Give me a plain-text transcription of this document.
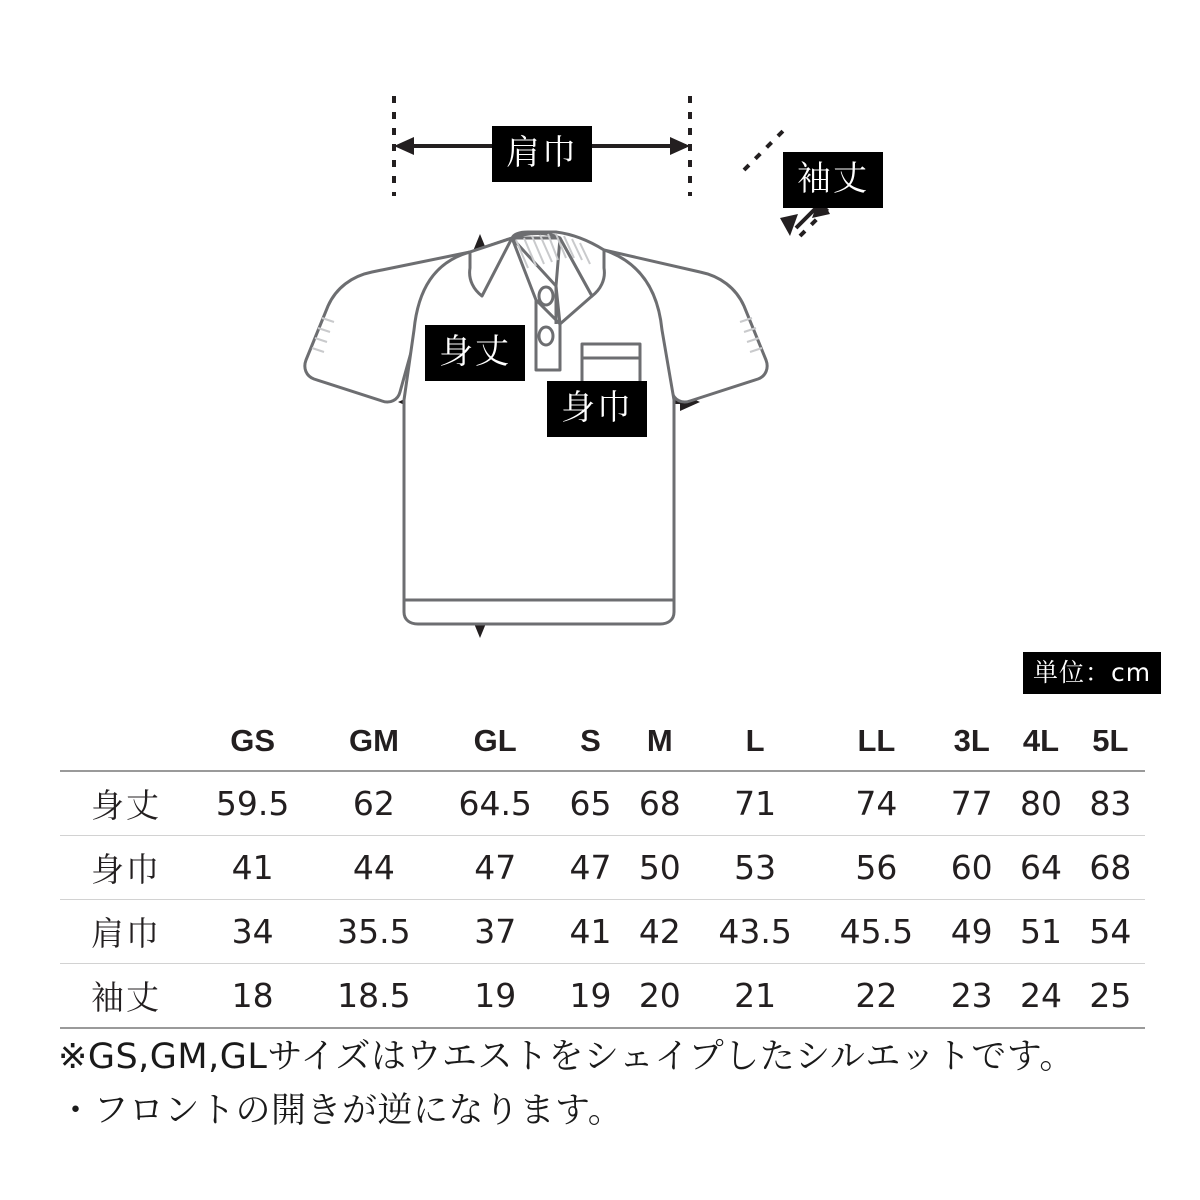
肩巾
袖丈
身丈
身巾
単位：cm
	GS	GM	GL	S	M	L	LL	3L	4L	5L
身丈	59.5	62	64.5	65	68	71	74	77	80	83
身巾	41	44	47	47	50	53	56	60	64	68
肩巾	34	35.5	37	41	42	43.5	45.5	49	51	54
袖丈	18	18.5	19	19	20	21	22	23	24	25
※GS,GM,GLサイズはウエストをシェイプしたシルエットです。
・フロントの開きが逆になります。
